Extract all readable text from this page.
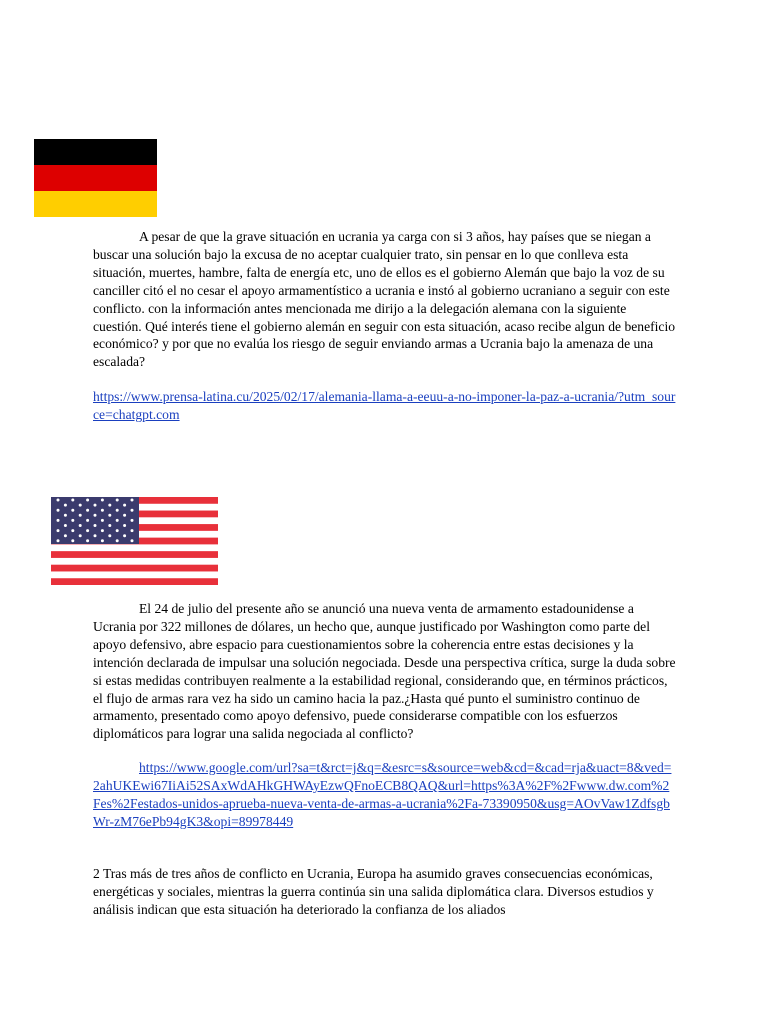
A pesar de que la grave situación en ucrania ya carga con si 3 años, hay países que se niegan a buscar una solución bajo la excusa de no aceptar cualquier trato, sin pensar en lo que conlleva esta situación, muertes, hambre, falta de energía etc, uno de ellos es el gobierno Alemán que bajo la voz de su canciller citó el no cesar el apoyo armamentístico a ucrania e instó al gobierno ucraniano a seguir con este conflicto. con la información antes mencionada me dirijo a la delegación alemana con la siguiente cuestión. Qué interés tiene el gobierno alemán en seguir con esta situación, acaso recibe algun de beneficio económico? y por que no evalúa los riesgo de seguir enviando armas a Ucrania bajo la amenaza de una escalada?

https://www.prensa-latina.cu/2025/02/17/alemania-llama-a-eeuu-a-no-imponer-la-paz-a-ucrania/?utm_source=chatgpt.com

El 24 de julio del presente año se anunció una nueva venta de armamento estadounidense a Ucrania por 322 millones de dólares, un hecho que, aunque justificado por Washington como parte del apoyo defensivo, abre espacio para cuestionamientos sobre la coherencia entre estas decisiones y la intención declarada de impulsar una solución negociada. Desde una perspectiva crítica, surge la duda sobre si estas medidas contribuyen realmente a la estabilidad regional, considerando que, en términos prácticos, el flujo de armas rara vez ha sido un camino hacia la paz.¿Hasta qué punto el suministro continuo de armamento, presentado como apoyo defensivo, puede considerarse compatible con los esfuerzos diplomáticos para lograr una salida negociada al conflicto?

https://www.google.com/url?sa=t&rct=j&q=&esrc=s&source=web&cd=&cad=rja&uact=8&ved=2ahUKEwi67IiAi52SAxWdAHkGHWAyEzwQFnoECB8QAQ&url=https%3A%2F%2Fwww.dw.com%2Fes%2Festados-unidos-aprueba-nueva-venta-de-armas-a-ucrania%2Fa-73390950&usg=AOvVaw1ZdfsgbWr-zM76ePb94gK3&opi=89978449

2 Tras más de tres años de conflicto en Ucrania, Europa ha asumido graves consecuencias económicas, energéticas y sociales, mientras la guerra continúa sin una salida diplomática clara. Diversos estudios y análisis indican que esta situación ha deteriorado la confianza de los aliados
